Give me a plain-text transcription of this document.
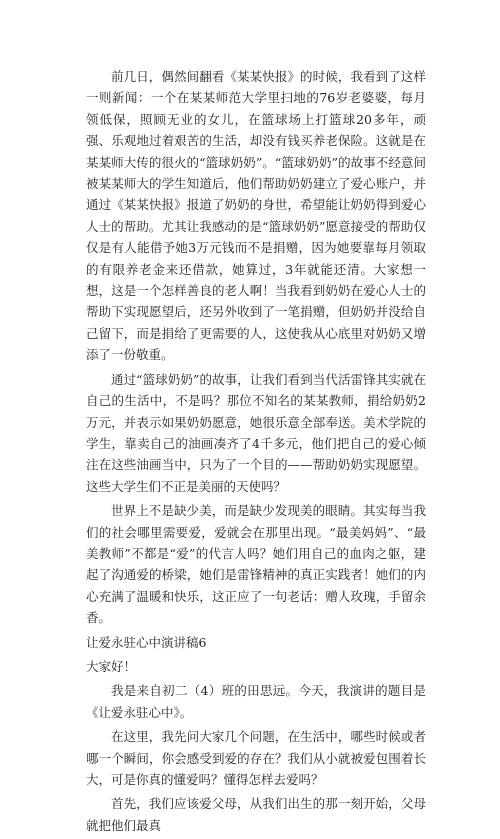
前几日，偶然间翻看《某某快报》的时候，我看到了这样一则新闻：一个在某某师范大学里扫地的76岁老婆婆，每月领低保，照顾无业的女儿，在篮球场上打篮球20多年，顽强、乐观地过着艰苦的生活，却没有钱买养老保险。这就是在某某师大传的很火的“篮球奶奶”。“篮球奶奶”的故事不经意间被某某师大的学生知道后，他们帮助奶奶建立了爱心账户，并通过《某某快报》报道了奶奶的身世，希望能让奶奶得到爱心人士的帮助。尤其让我感动的是“篮球奶奶”愿意接受的帮助仅仅是有人能借予她3万元钱而不是捐赠，因为她要靠每月领取的有限养老金来还借款，她算过，3年就能还清。大家想一想，这是一个怎样善良的老人啊！当我看到奶奶在爱心人士的帮助下实现愿望后，还另外收到了一笔捐赠，但奶奶并没给自己留下，而是捐给了更需要的人，这使我从心底里对奶奶又增添了一份敬重。

通过“篮球奶奶”的故事，让我们看到当代活雷锋其实就在自己的生活中，不是吗？那位不知名的某某教师，捐给奶奶2万元，并表示如果奶奶愿意，她很乐意全部奉送。美术学院的学生，靠卖自己的油画凑齐了4千多元，他们把自己的爱心倾注在这些油画当中，只为了一个目的——帮助奶奶实现愿望。这些大学生们不正是美丽的天使吗？

世界上不是缺少美，而是缺少发现美的眼睛。其实每当我们的社会哪里需要爱，爱就会在那里出现。“最美妈妈”、“最美教师”不都是“爱”的代言人吗？她们用自己的血肉之躯，建起了沟通爱的桥梁，她们是雷锋精神的真正实践者！她们的内心充满了温暖和快乐，这正应了一句老话：赠人玫瑰，手留余香。

让爱永驻心中演讲稿6

大家好！

我是来自初二（4）班的田思远。今天，我演讲的题目是《让爱永驻心中》。

在这里，我先问大家几个问题，在生活中，哪些时候或者哪一个瞬间，你会感受到爱的存在？我们从小就被爱包围着长大，可是你真的懂爱吗？懂得怎样去爱吗？

首先，我们应该爱父母，从我们出生的那一刻开始，父母就把他们最真
